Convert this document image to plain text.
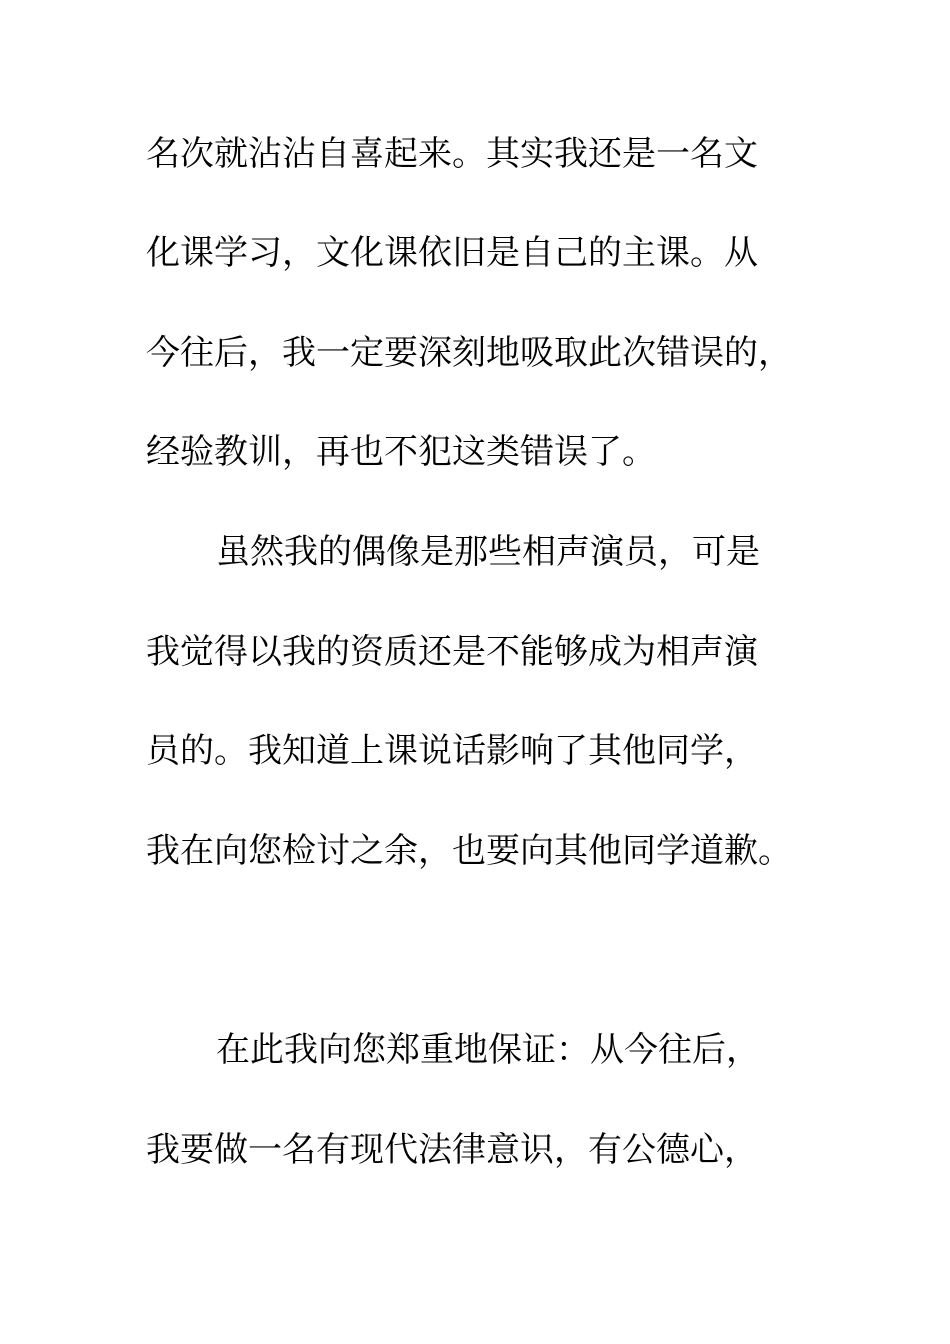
名次就沾沾自喜起来。其实我还是一名文
化课学习，文化课依旧是自己的主课。从
今往后，我一定要深刻地吸取此次错误的，
经验教训，再也不犯这类错误了。
虽然我的偶像是那些相声演员，可是
我觉得以我的资质还是不能够成为相声演
员的。我知道上课说话影响了其他同学，
我在向您检讨之余，也要向其他同学道歉。
在此我向您郑重地保证：从今往后，
我要做一名有现代法律意识，有公德心，
